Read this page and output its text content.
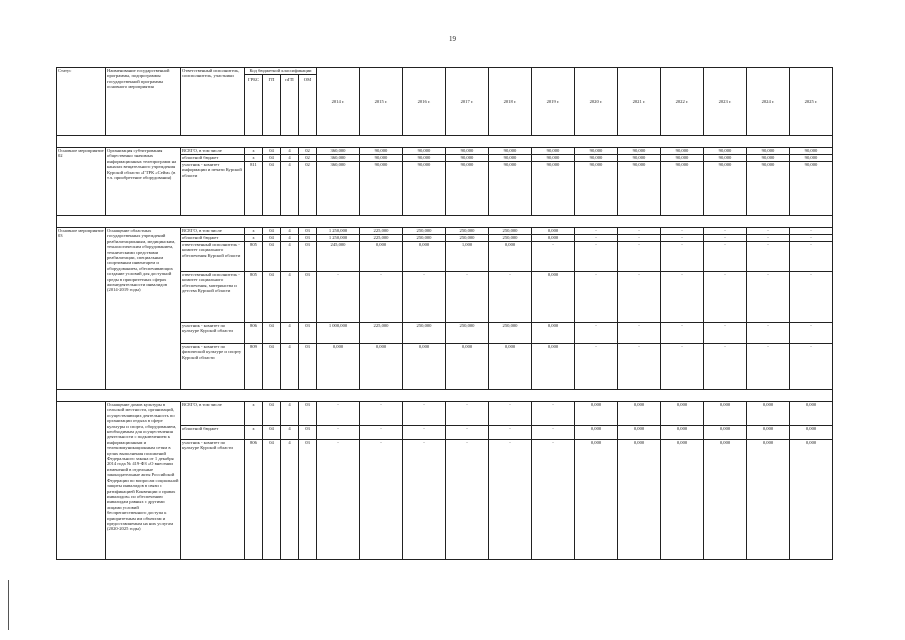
19
Статус	Наименование государственной программы, подпрограммы государственной программы основного мероприятия	Ответственный исполнитель, соисполнитель, участники	Код бюджетной классификации				2014 г.	2015 г.	2016 г.	2017 г.	2018 г.	2019 г.	2020 г.	2021 г.	2022 г.	2023 г.	2024 г.	2025 г.
			ГРБС	ГП	пГП	ОМ												

Основное мероприятие 02	Организация субтитрования общественно значимых информационных телепрограмм на каналах вещательного учреждения Курской области «ГТРК «Сейм» (в т.ч. приобретение оборудования)	ВСЕГО, в том числе	x	04	4	02	360,000	90,000	90,000	90,000	90,000	90,000	90,000	90,000	90,000	90,000	90,000	90,000
		областной бюджет	x	04	4	02	360,000	90,000	90,000	90,000	90,000	90,000	90,000	90,000	90,000	90,000	90,000	90,000
		участник - комитет информации и печати Курской области	811	04	4	02	360,000	90,000	90,000	90,000	90,000	90,000	90,000	90,000	90,000	90,000	90,000	90,000

Основное мероприятие 03	Оснащение областных государственных учреждений реабилитационным, медицинским, технологическим оборудованием, техническими средствами реабилитации, специальным спортивным инвентарем и оборудованием, обеспечивающих создание условий для доступной среды в приоритетных сферах жизнедеятельности инвалидов (2014-2019 годы)	ВСЕГО, в том числе	x	04	4	03	1 250,000	225,000	250,000	250,000	250,000	0,000	-	-	-	-	-	-
		областной бюджет	x	04	4	03	1 250,000	225,000	250,000	250,000	250,000	0,000	-	-	-	-	-	-
		ответственный исполнитель - комитет социального обеспечения Курской области	805	04	4	03	245,000	0,000	0,000	1,000	0,000	-	-	-	-	-	-	-
		ответственный исполнитель - комитет социального обеспечения, материнства и детства Курской области	805	04	4	03	-	-	-	-	-	0,000	-	-	-	-	-	-
		участник - комитет по культуре Курской области	806	04	4	03	1 000,000	225,000	250,000	250,000	250,000	0,000	-	-	-	-	-	-
		участник - комитет по физической культуре и спорту Курской области	809	04	4	03	0,000	0,000	0,000	0,000	0,000	0,000	-	-	-	-	-	-

	Оснащение домов культуры в сельской местности, организаций, осуществляющих деятельность по организации отдыха в сфере культуры и спорта, оборудованием, необходимым для осуществления деятельности с подключением к информационным и телекоммуникационным сетям в целях выполнения положений Федерального закона от 1 декабря 2014 года № 419-ФЗ «О внесении изменений в отдельные законодательные акты Российской Федерации по вопросам социальной защиты инвалидов в связи с ратификацией Конвенции о правах инвалидов» по обеспечению инвалидам равных с другими лицами условий беспрепятственного доступа к приоритетным им объектам и предоставляемым на них услугам (2020-2025 годы)	ВСЕГО, в том числе	x	04	4	03	-	-	-	-	-	-	0,000	0,000	0,000	0,000	0,000	0,000
		областной бюджет	x	04	4	03	-	-	-	-	-	-	0,000	0,000	0,000	0,000	0,000	0,000
		участник - комитет по культуре Курской области	806	04	4	03	-	-	-	-	-	-	0,000	0,000	0,000	0,000	0,000	0,000
